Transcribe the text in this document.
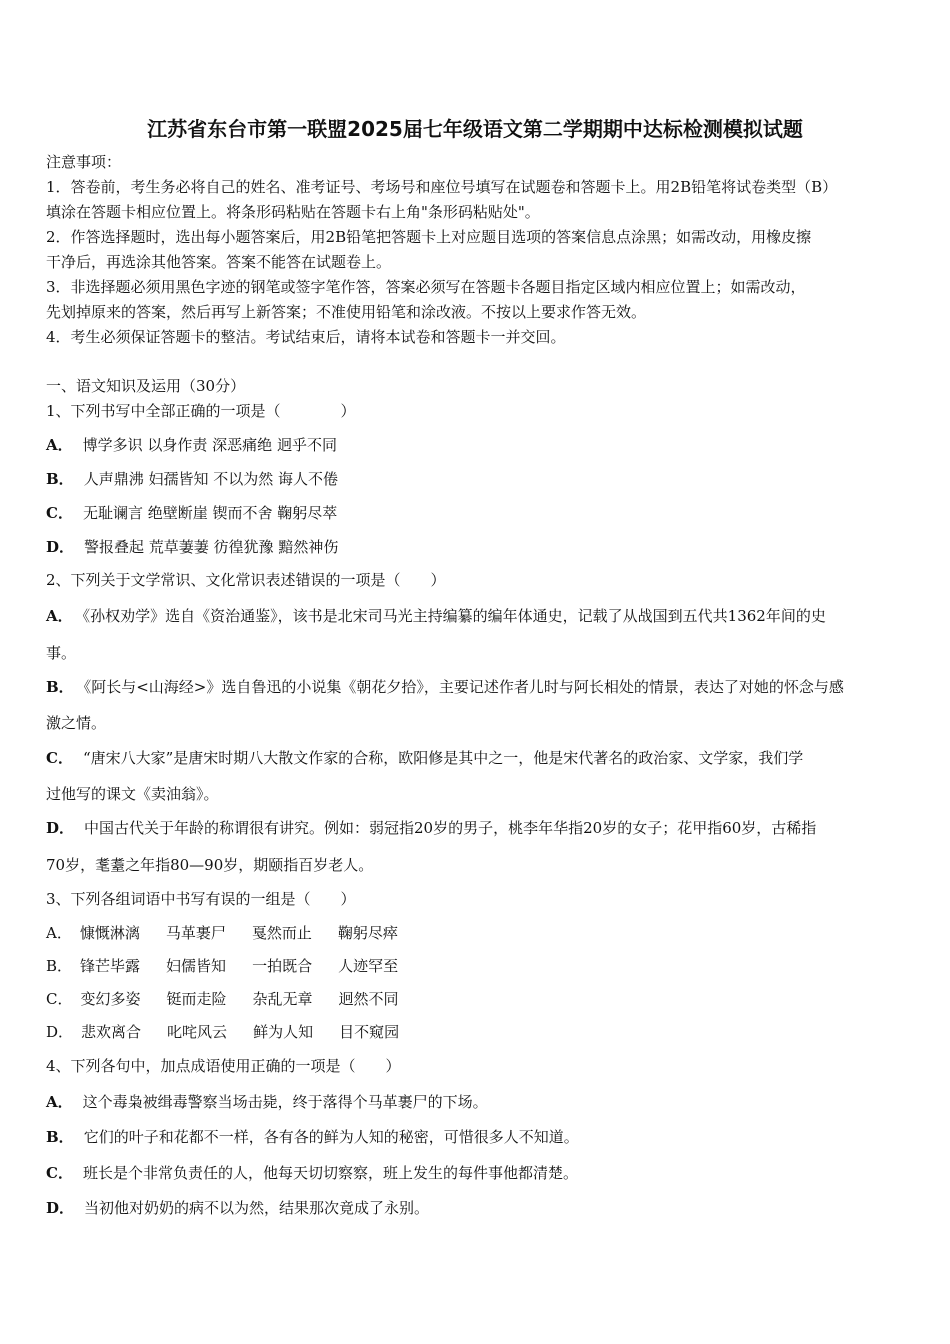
江苏省东台市第一联盟2025届七年级语文第二学期期中达标检测模拟试题
注意事项：
1．答卷前，考生务必将自己的姓名、准考证号、考场号和座位号填写在试题卷和答题卡上。用2B铅笔将试卷类型（B）
填涂在答题卡相应位置上。将条形码粘贴在答题卡右上角"条形码粘贴处"。
2．作答选择题时，选出每小题答案后，用2B铅笔把答题卡上对应题目选项的答案信息点涂黑；如需改动，用橡皮擦
干净后，再选涂其他答案。答案不能答在试题卷上。
3．非选择题必须用黑色字迹的钢笔或签字笔作答，答案必须写在答题卡各题目指定区域内相应位置上；如需改动，
先划掉原来的答案，然后再写上新答案；不准使用铅笔和涂改液。不按以上要求作答无效。
4．考生必须保证答题卡的整洁。考试结束后，请将本试卷和答题卡一并交回。
一、语文知识及运用（30分）
1、下列书写中全部正确的一项是（　　　　）
A． 博学多识 以身作责 深恶痛绝 迥乎不同
B． 人声鼎沸 妇孺皆知 不以为然 诲人不倦
C． 无耻谰言 绝壁断崖 锲而不舍 鞠躬尽萃
D． 警报叠起 荒草萋萋 彷徨犹豫 黯然神伤
2、下列关于文学常识、文化常识表述错误的一项是（　　）
A． 《孙权劝学》选自《资治通鉴》，该书是北宋司马光主持编纂的编年体通史，记载了从战国到五代共1362年间的史
事。
B． 《阿长与<山海经>》选自鲁迅的小说集《朝花夕拾》，主要记述作者儿时与阿长相处的情景，表达了对她的怀念与感
激之情。
C． “唐宋八大家”是唐宋时期八大散文作家的合称，欧阳修是其中之一，他是宋代著名的政治家、文学家，我们学
过他写的课文《卖油翁》。
D． 中国古代关于年龄的称谓很有讲究。例如：弱冠指20岁的男子，桃李年华指20岁的女子；花甲指60岁，古稀指
70岁，耄耋之年指80—90岁，期颐指百岁老人。
3、下列各组词语中书写有误的一组是（　　）
A． 慷慨淋漓 马革裹尸 戛然而止 鞠躬尽瘁
B． 锋芒毕露 妇儒皆知 一拍既合 人迹罕至
C． 变幻多姿 铤而走险 杂乱无章 迥然不同
D． 悲欢离合 叱咤风云 鲜为人知 目不窥园
4、下列各句中，加点成语使用正确的一项是（　　）
A． 这个毒枭被缉毒警察当场击毙，终于落得个马革裹尸的下场。
B． 它们的叶子和花都不一样，各有各的鲜为人知的秘密，可惜很多人不知道。
C． 班长是个非常负责任的人，他每天切切察察，班上发生的每件事他都清楚。
D． 当初他对奶奶的病不以为然，结果那次竟成了永别。
